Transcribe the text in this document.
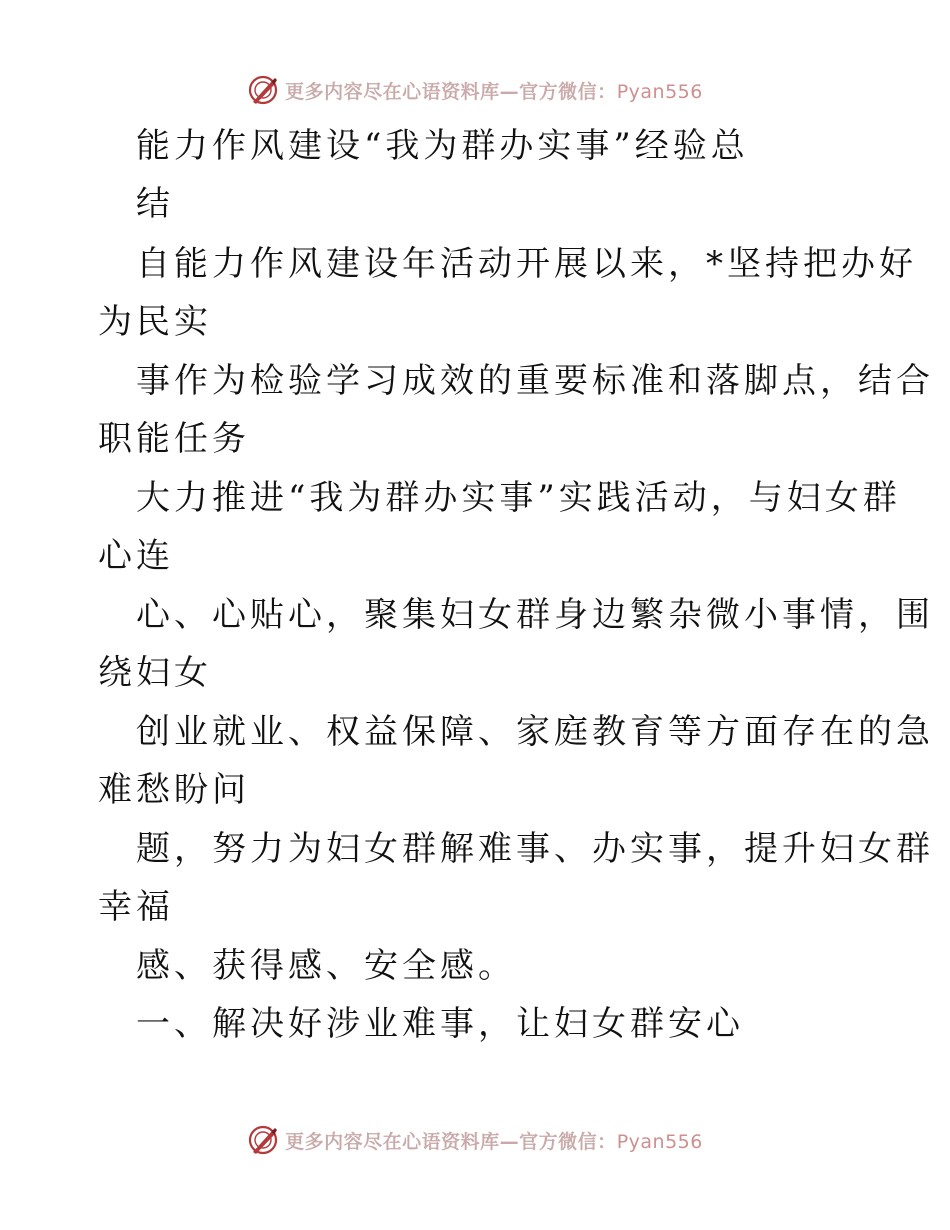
更多内容尽在心语资料库—官方微信：Pyan556
能力作风建设“我为群办实事”经验总
结
自能力作风建设年活动开展以来，*坚持把办好
为民实
事作为检验学习成效的重要标准和落脚点，结合
职能任务
大力推进“我为群办实事”实践活动，与妇女群
心连
心、心贴心，聚集妇女群身边繁杂微小事情，围
绕妇女
创业就业、权益保障、家庭教育等方面存在的急
难愁盼问
题，努力为妇女群解难事、办实事，提升妇女群
幸福
感、获得感、安全感。
一、解决好涉业难事，让妇女群安心
更多内容尽在心语资料库—官方微信：Pyan556
